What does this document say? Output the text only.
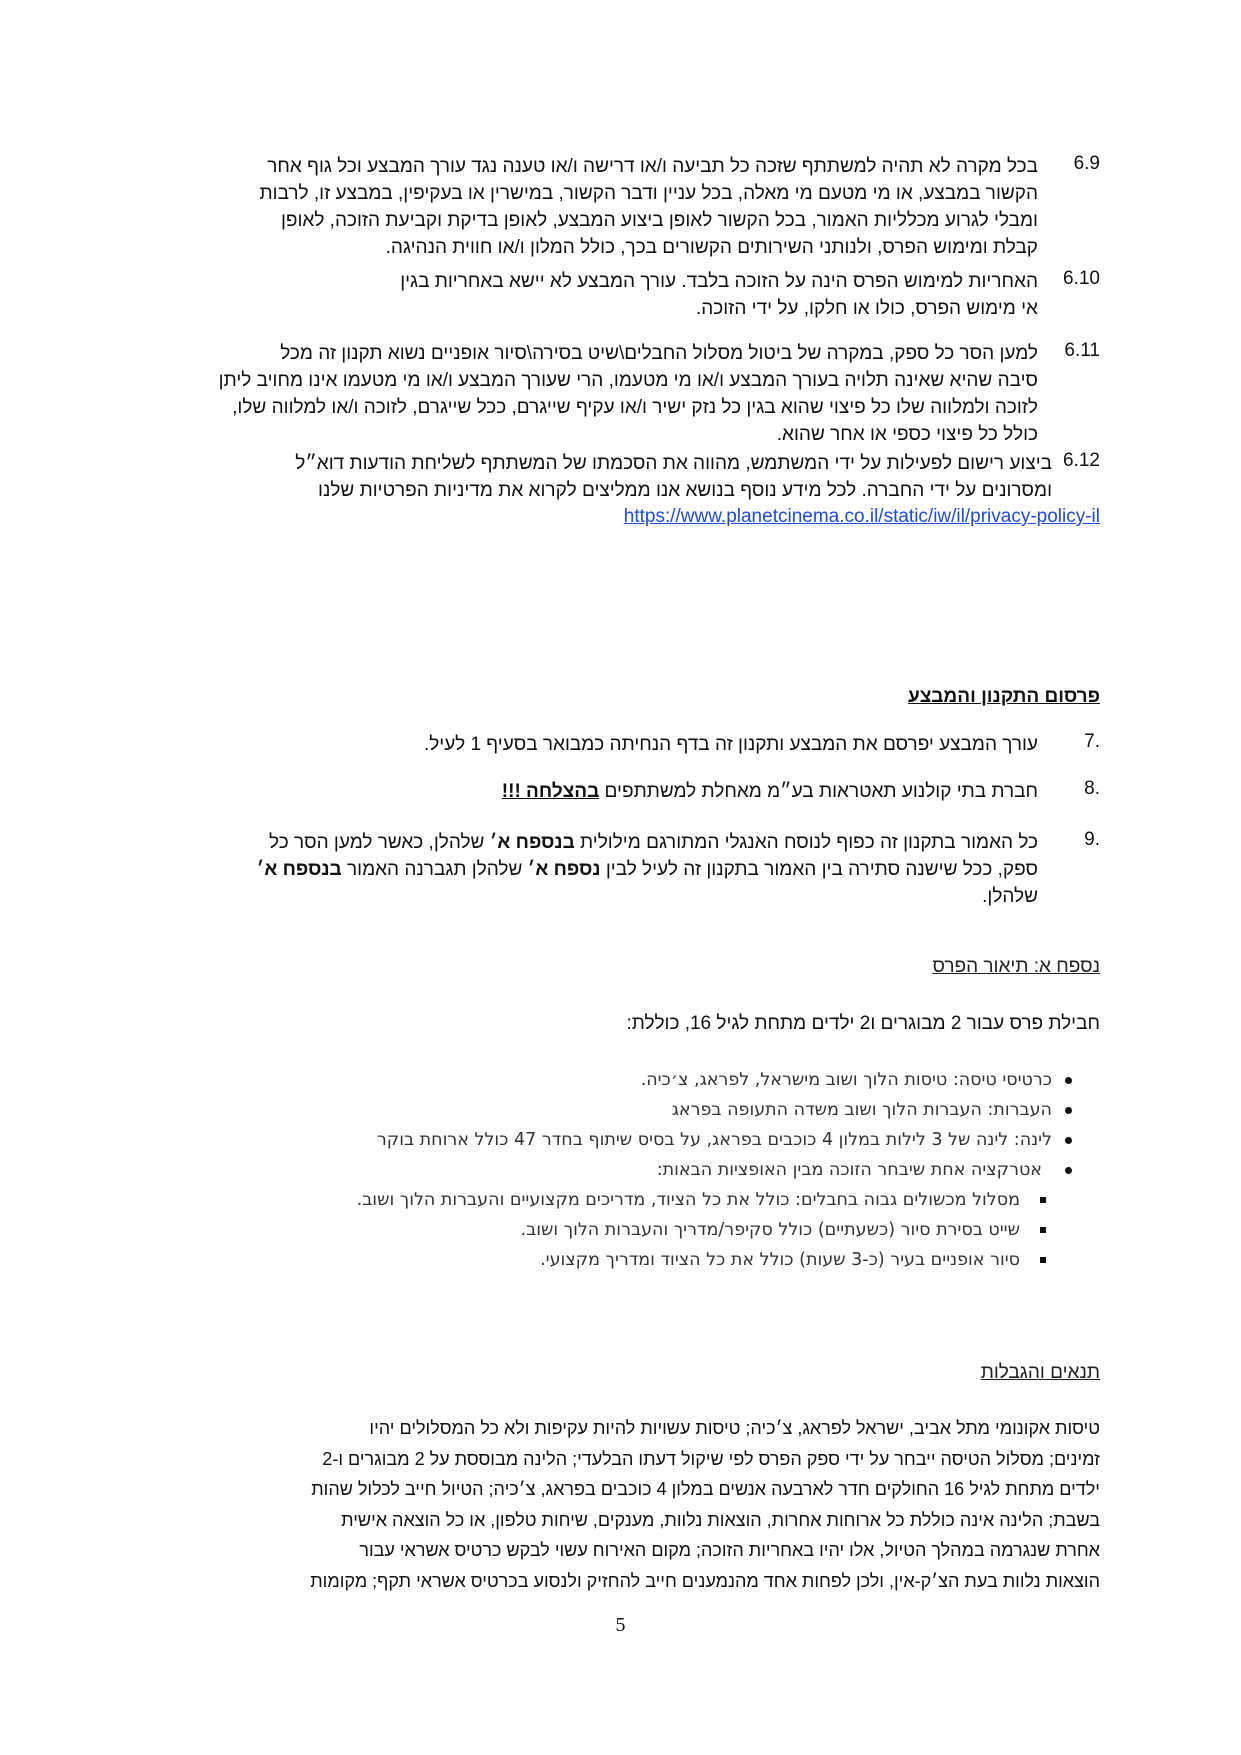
6.9
בכל מקרה לא תהיה למשתתף שזכה כל תביעה ו/או דרישה ו/או טענה נגד עורך המבצע וכל גוף אחר
הקשור במבצע, או מי מטעם מי מאלה, בכל עניין ודבר הקשור, במישרין או בעקיפין, במבצע זו, לרבות
ומבלי לגרוע מכלליות האמור, בכל הקשור לאופן ביצוע המבצע, לאופן בדיקת וקביעת הזוכה, לאופן
קבלת ומימוש הפרס, ולנותני השירותים הקשורים בכך, כולל המלון ו/או חווית הנהיגה.
6.10
האחריות למימוש הפרס הינה על הזוכה בלבד. עורך המבצע לא יישא באחריות בגין
אי מימוש הפרס, כולו או חלקו, על ידי הזוכה.
6.11
למען הסר כל ספק, במקרה של ביטול מסלול החבלים\שיט בסירה\סיור אופניים נשוא תקנון זה מכל
סיבה שהיא שאינה תלויה בעורך המבצע ו/או מי מטעמו, הרי שעורך המבצע ו/או מי מטעמו אינו מחויב ליתן
לזוכה ולמלווה שלו כל פיצוי שהוא בגין כל נזק ישיר ו/או עקיף שייגרם, ככל שייגרם, לזוכה ו/או למלווה שלו,
כולל כל פיצוי כספי או אחר שהוא.
6.12
ביצוע רישום לפעילות על ידי המשתמש, מהווה את הסכמתו של המשתתף לשליחת הודעות דוא״ל
ומסרונים על ידי החברה. לכל מידע נוסף בנושא אנו ממליצים לקרוא את מדיניות הפרטיות שלנו
https://www.planetcinema.co.il/static/iw/il/privacy-policy-il
פרסום התקנון והמבצע
7.
עורך המבצע יפרסם את המבצע ותקנון זה בדף הנחיתה כמבואר בסעיף 1 לעיל.
8.
חברת בתי קולנוע תאטראות בע״מ מאחלת למשתתפים בהצלחה !!!
9.
כל האמור בתקנון זה כפוף לנוסח האנגלי המתורגם מילולית בנספח א׳ שלהלן, כאשר למען הסר כל
ספק, ככל שישנה סתירה בין האמור בתקנון זה לעיל לבין נספח א׳ שלהלן תגברנה האמור בנספח א׳
שלהלן.
נספח א: תיאור הפרס
חבילת פרס עבור 2 מבוגרים ו2 ילדים מתחת לגיל 16, כוללת:
כרטיסי טיסה: טיסות הלוך ושוב מישראל, לפראג, צ׳כיה.
העברות: העברות הלוך ושוב משדה התעופה בפראג
לינה: לינה של 3 לילות במלון 4 כוכבים בפראג, על בסיס שיתוף בחדר 47 כולל ארוחת בוקר
אטרקציה אחת שיבחר הזוכה מבין האופציות הבאות:
מסלול מכשולים גבוה בחבלים: כולל את כל הציוד, מדריכים מקצועיים והעברות הלוך ושוב.
שייט בסירת סיור (כשעתיים) כולל סקיפר/מדריך והעברות הלוך ושוב.
סיור אופניים בעיר (כ-3 שעות) כולל את כל הציוד ומדריך מקצועי.
תנאים והגבלות
טיסות אקונומי מתל אביב, ישראל לפראג, צ׳כיה; טיסות עשויות להיות עקיפות ולא כל המסלולים יהיו
זמינים; מסלול הטיסה ייבחר על ידי ספק הפרס לפי שיקול דעתו הבלעדי; הלינה מבוססת על 2 מבוגרים ו-2
ילדים מתחת לגיל 16 החולקים חדר לארבעה אנשים במלון 4 כוכבים בפראג, צ׳כיה; הטיול חייב לכלול שהות
בשבת; הלינה אינה כוללת כל ארוחות אחרות, הוצאות נלוות, מענקים, שיחות טלפון, או כל הוצאה אישית
אחרת שנגרמה במהלך הטיול, אלו יהיו באחריות הזוכה; מקום האירוח עשוי לבקש כרטיס אשראי עבור
הוצאות נלוות בעת הצ׳ק-אין, ולכן לפחות אחד מהנמענים חייב להחזיק ולנסוע בכרטיס אשראי תקף; מקומות
5
